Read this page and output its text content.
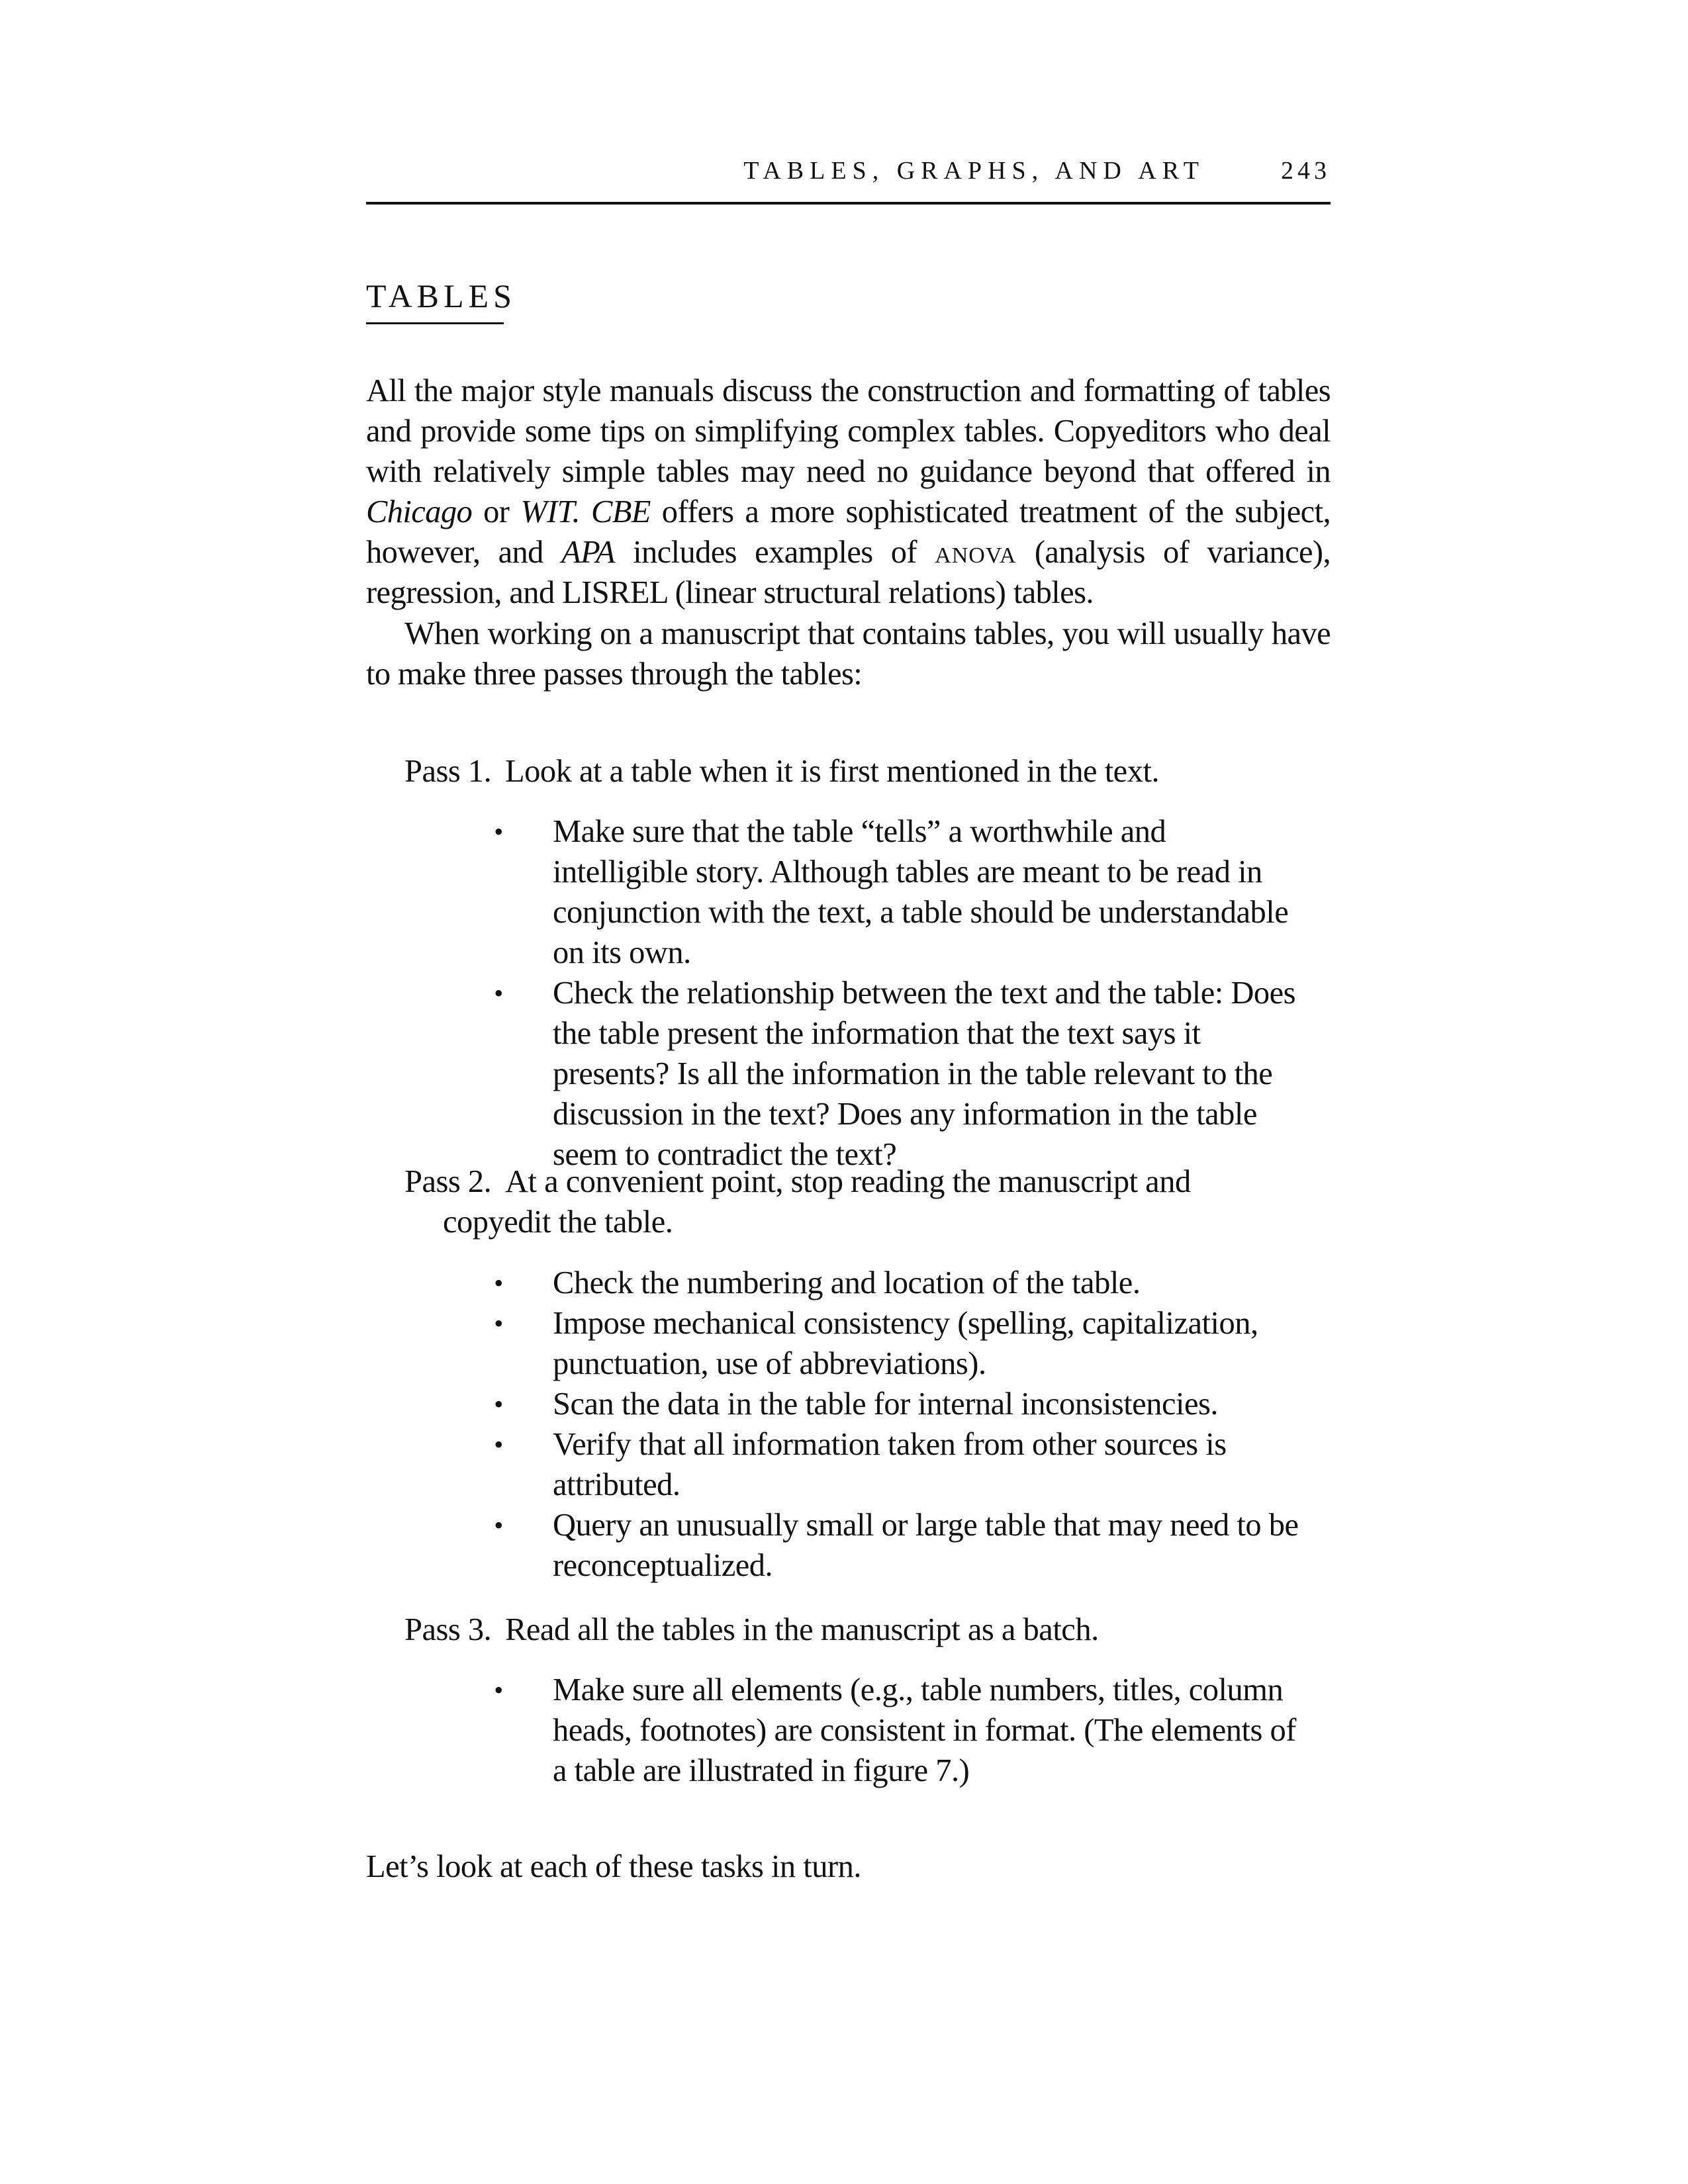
TABLES, GRAPHS, AND ART	243
TABLES

All the major style manuals discuss the construction and formatting of tables and provide some tips on simplifying complex tables. Copyeditors who deal with relatively simple tables may need no guidance beyond that offered in Chicago or WIT. CBE offers a more sophisticated treatment of the subject, however, and APA includes examples of anova (analysis of variance), regression, and LISREL (linear structural relations) tables.

When working on a manuscript that contains tables, you will usually have to make three passes through the tables:

Pass 1. Look at a table when it is first mentioned in the text.
•	Make sure that the table “tells” a worthwhile and intelligible story. Although tables are meant to be read in conjunction with the text, a table should be understandable on its own.
•	Check the relationship between the text and the table: Does the table present the information that the text says it presents? Is all the information in the table relevant to the discussion in the text? Does any information in the table seem to contradict the text?
Pass 2. At a convenient point, stop reading the manuscript and
copyedit the table.
•	Check the numbering and location of the table.
•	Impose mechanical consistency (spelling, capitalization, punctuation, use of abbreviations).
•	Scan the data in the table for internal inconsistencies.
•	Verify that all information taken from other sources is attributed.
•	Query an unusually small or large table that may need to be reconceptualized.
Pass 3. Read all the tables in the manuscript as a batch.
•	Make sure all elements (e.g., table numbers, titles, column heads, footnotes) are consistent in format. (The elements of a table are illustrated in figure 7.)
Let’s look at each of these tasks in turn.
